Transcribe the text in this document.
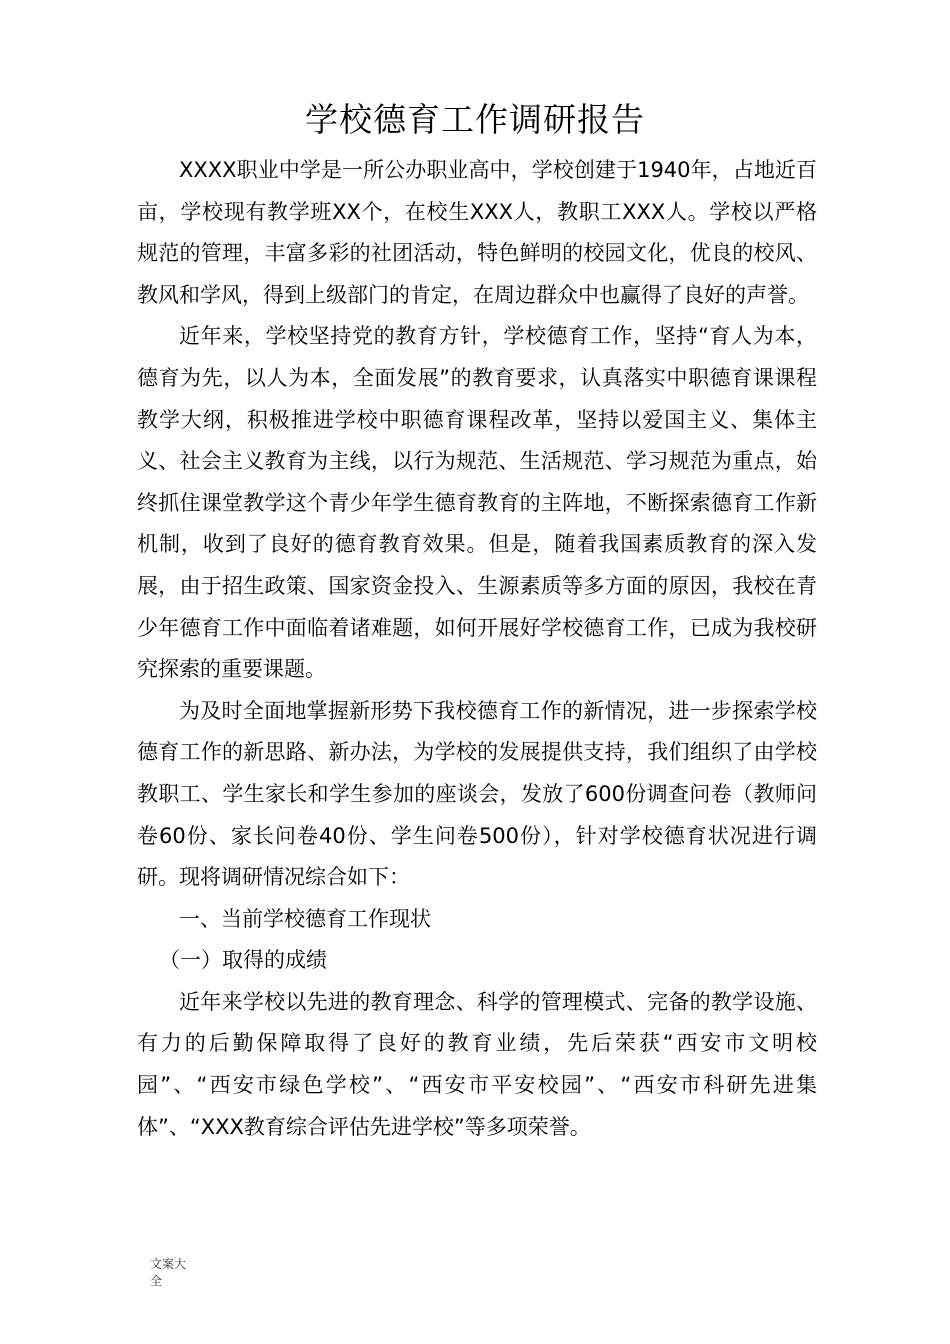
学校德育工作调研报告

XXXX职业中学是一所公办职业高中，学校创建于1940年，占地近百亩，学校现有教学班XX个，在校生XXX人，教职工XXX人。学校以严格规范的管理，丰富多彩的社团活动，特色鲜明的校园文化，优良的校风、教风和学风，得到上级部门的肯定，在周边群众中也赢得了良好的声誉。

近年来，学校坚持党的教育方针，学校德育工作，坚持“育人为本，德育为先，以人为本，全面发展”的教育要求，认真落实中职德育课课程教学大纲，积极推进学校中职德育课程改革，坚持以爱国主义、集体主义、社会主义教育为主线，以行为规范、生活规范、学习规范为重点，始终抓住课堂教学这个青少年学生德育教育的主阵地，不断探索德育工作新机制，收到了良好的德育教育效果。但是，随着我国素质教育的深入发展，由于招生政策、国家资金投入、生源素质等多方面的原因，我校在青少年德育工作中面临着诸难题，如何开展好学校德育工作，已成为我校研究探索的重要课题。

为及时全面地掌握新形势下我校德育工作的新情况，进一步探索学校德育工作的新思路、新办法，为学校的发展提供支持，我们组织了由学校教职工、学生家长和学生参加的座谈会，发放了600份调查问卷（教师问卷60份、家长问卷40份、学生问卷500份），针对学校德育状况进行调研。现将调研情况综合如下：

一、当前学校德育工作现状

（一）取得的成绩

近年来学校以先进的教育理念、科学的管理模式、完备的教学设施、有力的后勤保障取得了良好的教育业绩，先后荣获“西安市文明校园”、“西安市绿色学校”、“西安市平安校园”、“西安市科研先进集体”、“XXX教育综合评估先进学校”等多项荣誉。

文案大全
